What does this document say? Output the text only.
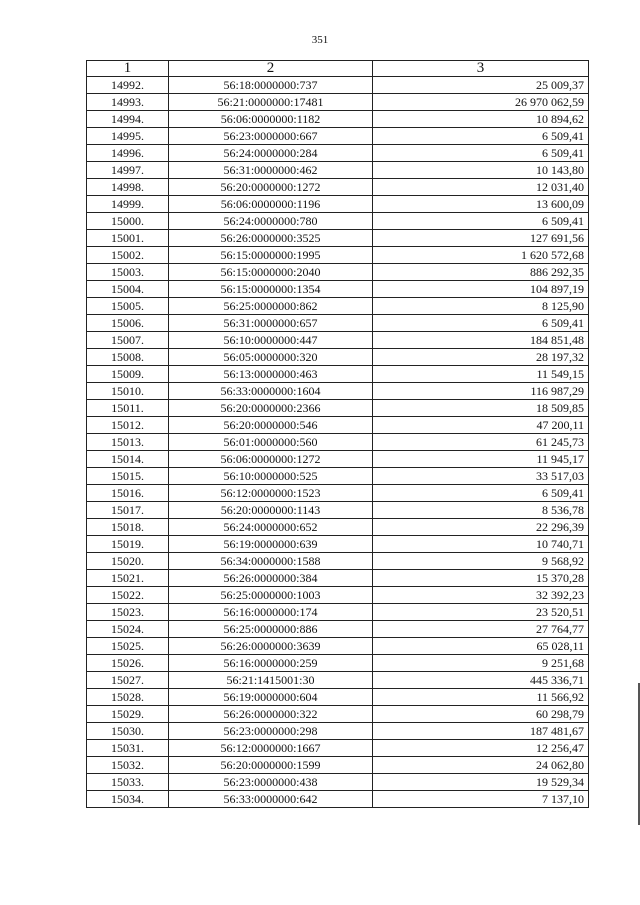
351
1	2	3
14992.	56:18:0000000:737	25 009,37
14993.	56:21:0000000:17481	26 970 062,59
14994.	56:06:0000000:1182	10 894,62
14995.	56:23:0000000:667	6 509,41
14996.	56:24:0000000:284	6 509,41
14997.	56:31:0000000:462	10 143,80
14998.	56:20:0000000:1272	12 031,40
14999.	56:06:0000000:1196	13 600,09
15000.	56:24:0000000:780	6 509,41
15001.	56:26:0000000:3525	127 691,56
15002.	56:15:0000000:1995	1 620 572,68
15003.	56:15:0000000:2040	886 292,35
15004.	56:15:0000000:1354	104 897,19
15005.	56:25:0000000:862	8 125,90
15006.	56:31:0000000:657	6 509,41
15007.	56:10:0000000:447	184 851,48
15008.	56:05:0000000:320	28 197,32
15009.	56:13:0000000:463	11 549,15
15010.	56:33:0000000:1604	116 987,29
15011.	56:20:0000000:2366	18 509,85
15012.	56:20:0000000:546	47 200,11
15013.	56:01:0000000:560	61 245,73
15014.	56:06:0000000:1272	11 945,17
15015.	56:10:0000000:525	33 517,03
15016.	56:12:0000000:1523	6 509,41
15017.	56:20:0000000:1143	8 536,78
15018.	56:24:0000000:652	22 296,39
15019.	56:19:0000000:639	10 740,71
15020.	56:34:0000000:1588	9 568,92
15021.	56:26:0000000:384	15 370,28
15022.	56:25:0000000:1003	32 392,23
15023.	56:16:0000000:174	23 520,51
15024.	56:25:0000000:886	27 764,77
15025.	56:26:0000000:3639	65 028,11
15026.	56:16:0000000:259	9 251,68
15027.	56:21:1415001:30	445 336,71
15028.	56:19:0000000:604	11 566,92
15029.	56:26:0000000:322	60 298,79
15030.	56:23:0000000:298	187 481,67
15031.	56:12:0000000:1667	12 256,47
15032.	56:20:0000000:1599	24 062,80
15033.	56:23:0000000:438	19 529,34
15034.	56:33:0000000:642	7 137,10
